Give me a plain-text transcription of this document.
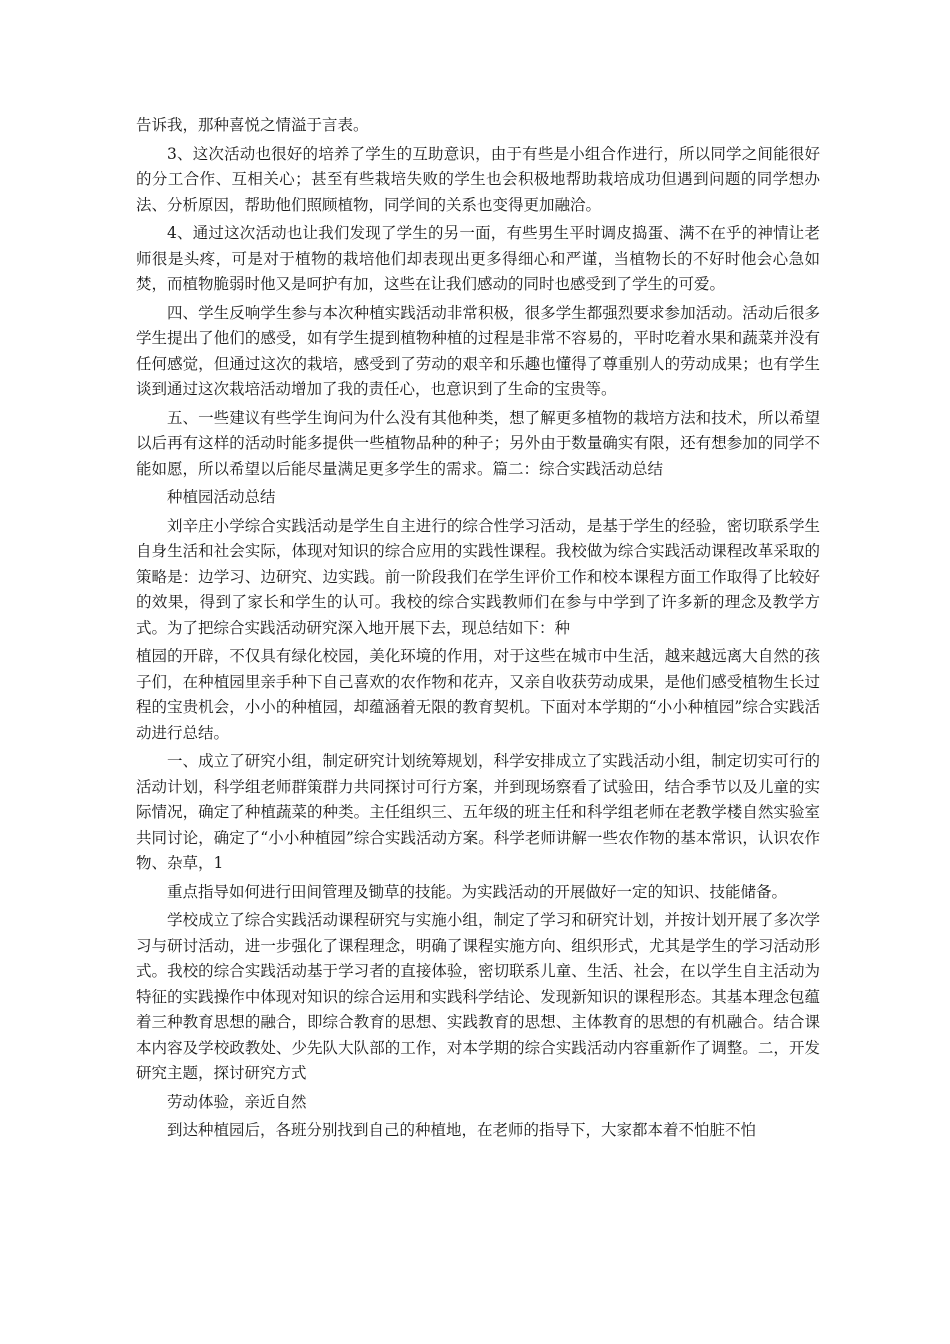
告诉我，那种喜悦之情溢于言表。

3、这次活动也很好的培养了学生的互助意识，由于有些是小组合作进行，所以同学之间能很好的分工合作、互相关心；甚至有些栽培失败的学生也会积极地帮助栽培成功但遇到问题的同学想办法、分析原因，帮助他们照顾植物，同学间的关系也变得更加融洽。

4、通过这次活动也让我们发现了学生的另一面，有些男生平时调皮捣蛋、满不在乎的神情让老师很是头疼，可是对于植物的栽培他们却表现出更多得细心和严谨，当植物长的不好时他会心急如焚，而植物脆弱时他又是呵护有加，这些在让我们感动的同时也感受到了学生的可爱。

四、学生反响学生参与本次种植实践活动非常积极，很多学生都强烈要求参加活动。活动后很多学生提出了他们的感受，如有学生提到植物种植的过程是非常不容易的，平时吃着水果和蔬菜并没有任何感觉，但通过这次的栽培，感受到了劳动的艰辛和乐趣也懂得了尊重别人的劳动成果；也有学生谈到通过这次栽培活动增加了我的责任心，也意识到了生命的宝贵等。

五、一些建议有些学生询问为什么没有其他种类，想了解更多植物的栽培方法和技术，所以希望以后再有这样的活动时能多提供一些植物品种的种子；另外由于数量确实有限，还有想参加的同学不能如愿，所以希望以后能尽量满足更多学生的需求。篇二：综合实践活动总结

种植园活动总结

刘辛庄小学综合实践活动是学生自主进行的综合性学习活动，是基于学生的经验，密切联系学生自身生活和社会实际，体现对知识的综合应用的实践性课程。我校做为综合实践活动课程改革采取的策略是：边学习、边研究、边实践。前一阶段我们在学生评价工作和校本课程方面工作取得了比较好的效果，得到了家长和学生的认可。我校的综合实践教师们在参与中学到了许多新的理念及教学方式。为了把综合实践活动研究深入地开展下去，现总结如下：种

植园的开辟，不仅具有绿化校园，美化环境的作用，对于这些在城市中生活，越来越远离大自然的孩子们，在种植园里亲手种下自己喜欢的农作物和花卉，又亲自收获劳动成果，是他们感受植物生长过程的宝贵机会，小小的种植园，却蕴涵着无限的教育契机。下面对本学期的“小小种植园”综合实践活动进行总结。

一、成立了研究小组，制定研究计划统筹规划，科学安排成立了实践活动小组，制定切实可行的活动计划，科学组老师群策群力共同探讨可行方案，并到现场察看了试验田，结合季节以及儿童的实际情况，确定了种植蔬菜的种类。主任组织三、五年级的班主任和科学组老师在老教学楼自然实验室共同讨论，确定了“小小种植园”综合实践活动方案。科学老师讲解一些农作物的基本常识，认识农作物、杂草，1

重点指导如何进行田间管理及锄草的技能。为实践活动的开展做好一定的知识、技能储备。

学校成立了综合实践活动课程研究与实施小组，制定了学习和研究计划，并按计划开展了多次学习与研讨活动，进一步强化了课程理念，明确了课程实施方向、组织形式，尤其是学生的学习活动形式。我校的综合实践活动基于学习者的直接体验，密切联系儿童、生活、社会，在以学生自主活动为特征的实践操作中体现对知识的综合运用和实践科学结论、发现新知识的课程形态。其基本理念包蕴着三种教育思想的融合，即综合教育的思想、实践教育的思想、主体教育的思想的有机融合。结合课本内容及学校政教处、少先队大队部的工作，对本学期的综合实践活动内容重新作了调整。二，开发研究主题，探讨研究方式

劳动体验，亲近自然

到达种植园后，各班分别找到自己的种植地，在老师的指导下，大家都本着不怕脏不怕
